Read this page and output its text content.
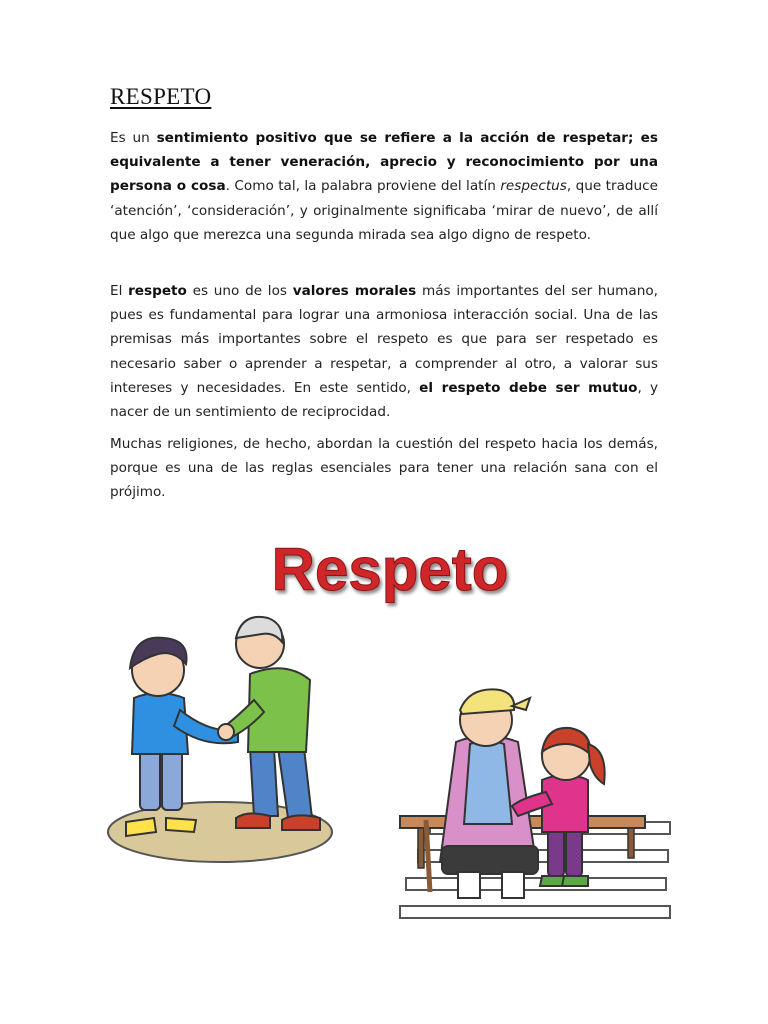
RESPETO

Es un sentimiento positivo que se refiere a la acción de respetar; es equivalente a tener veneración, aprecio y reconocimiento por una persona o cosa. Como tal, la palabra proviene del latín respectus, que traduce ‘atención’, ‘consideración’, y originalmente significaba ‘mirar de nuevo’, de allí que algo que merezca una segunda mirada sea algo digno de respeto.

El respeto es uno de los valores morales más importantes del ser humano, pues es fundamental para lograr una armoniosa interacción social. Una de las premisas más importantes sobre el respeto es que para ser respetado es necesario saber o aprender a respetar, a comprender al otro, a valorar sus intereses y necesidades. En este sentido, el respeto debe ser mutuo, y nacer de un sentimiento de reciprocidad.

Muchas religiones, de hecho, abordan la cuestión del respeto hacia los demás, porque es una de las reglas esenciales para tener una relación sana con el prójimo.

Respeto
